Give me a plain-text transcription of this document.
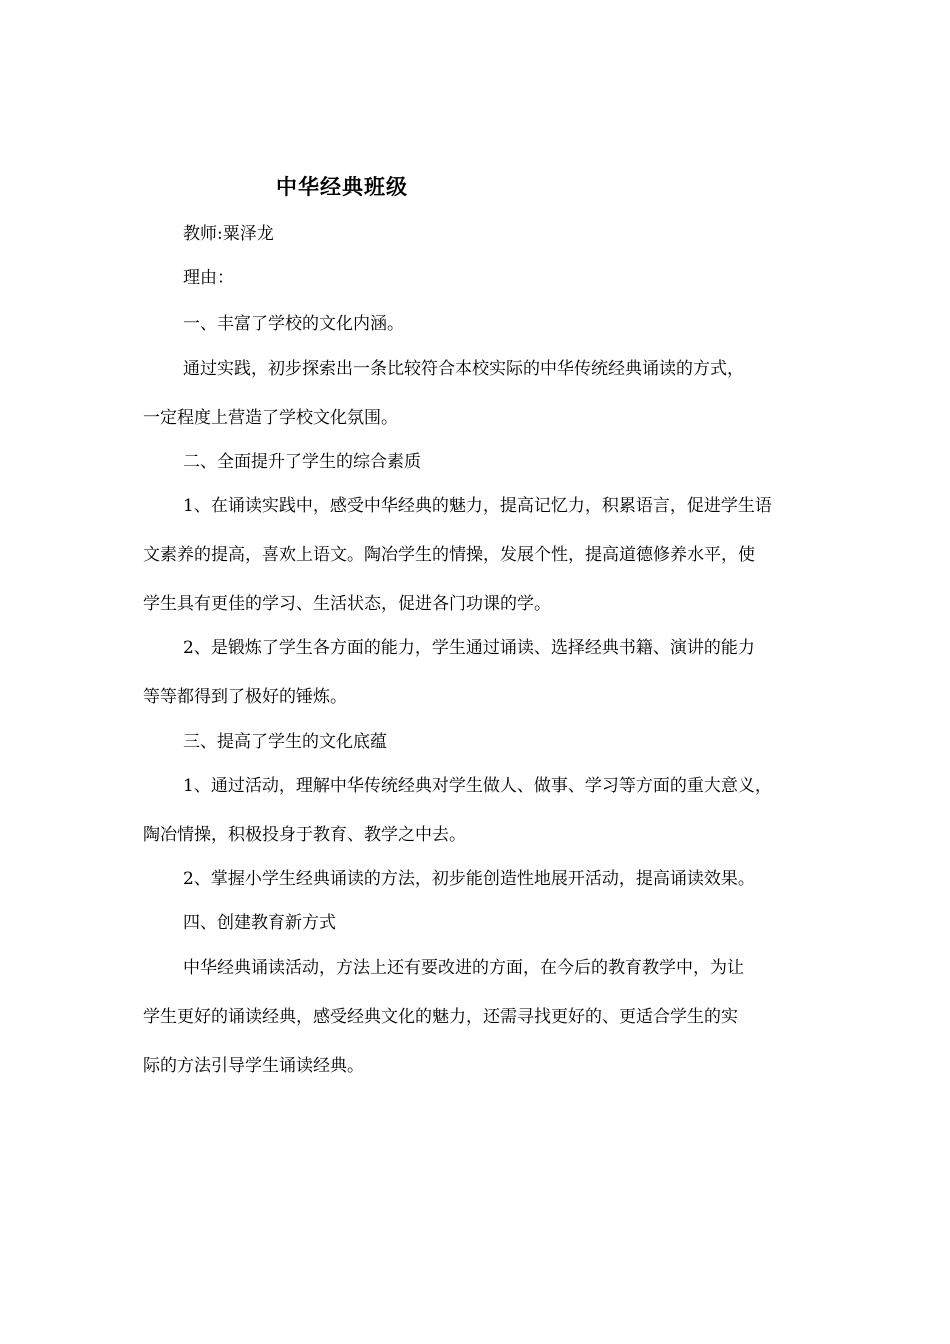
中华经典班级
教师:粟泽龙
理由：
一、丰富了学校的文化内涵。
通过实践，初步探索出一条比较符合本校实际的中华传统经典诵读的方式，
一定程度上营造了学校文化氛围。
二、全面提升了学生的综合素质
1、在诵读实践中，感受中华经典的魅力，提高记忆力，积累语言，促进学生语
文素养的提高，喜欢上语文。陶冶学生的情操，发展个性，提高道德修养水平，使
学生具有更佳的学习、生活状态，促进各门功课的学。
2、是锻炼了学生各方面的能力，学生通过诵读、选择经典书籍、演讲的能力
等等都得到了极好的锤炼。
三、提高了学生的文化底蕴
1、通过活动，理解中华传统经典对学生做人、做事、学习等方面的重大意义，
陶冶情操，积极投身于教育、教学之中去。
2、掌握小学生经典诵读的方法，初步能创造性地展开活动，提高诵读效果。
四、创建教育新方式
中华经典诵读活动，方法上还有要改进的方面，在今后的教育教学中，为让
学生更好的诵读经典，感受经典文化的魅力，还需寻找更好的、更适合学生的实
际的方法引导学生诵读经典。
